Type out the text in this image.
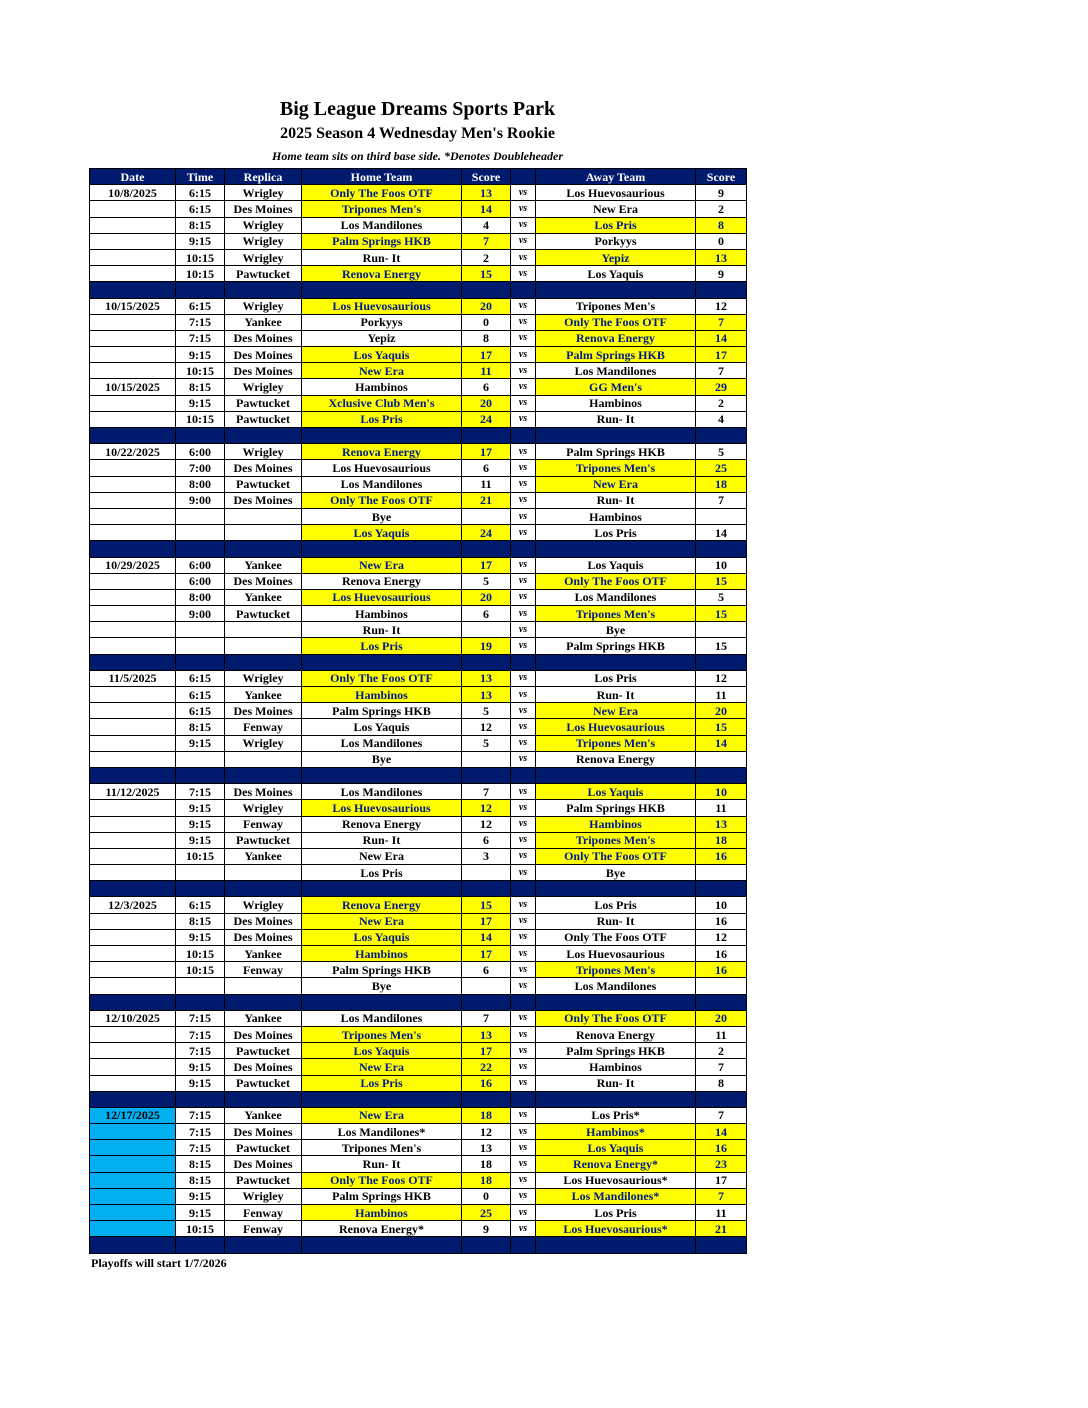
Big League Dreams Sports Park
2025 Season 4 Wednesday Men's Rookie
Home team sits on third base side. *Denotes Doubleheader
Date	Time	Replica	Home Team	Score		Away Team	Score
10/8/2025	6:15	Wrigley	Only The Foos OTF	13	vs	Los Huevosaurious	9
	6:15	Des Moines	Tripones Men's	14	vs	New Era	2
	8:15	Wrigley	Los Mandilones	4	vs	Los Pris	8
	9:15	Wrigley	Palm Springs HKB	7	vs	Porkyys	0
	10:15	Wrigley	Run- It	2	vs	Yepiz	13
	10:15	Pawtucket	Renova Energy	15	vs	Los Yaquis	9

10/15/2025	6:15	Wrigley	Los Huevosaurious	20	vs	Tripones Men's	12
	7:15	Yankee	Porkyys	0	vs	Only The Foos OTF	7
	7:15	Des Moines	Yepiz	8	vs	Renova Energy	14
	9:15	Des Moines	Los Yaquis	17	vs	Palm Springs HKB	17
	10:15	Des Moines	New Era	11	vs	Los Mandilones	7
10/15/2025	8:15	Wrigley	Hambinos	6	vs	GG Men's	29
	9:15	Pawtucket	Xclusive Club Men's	20	vs	Hambinos	2
	10:15	Pawtucket	Los Pris	24	vs	Run- It	4

10/22/2025	6:00	Wrigley	Renova Energy	17	vs	Palm Springs HKB	5
	7:00	Des Moines	Los Huevosaurious	6	vs	Tripones Men's	25
	8:00	Pawtucket	Los Mandilones	11	vs	New Era	18
	9:00	Des Moines	Only The Foos OTF	21	vs	Run- It	7
			Bye		vs	Hambinos	
			Los Yaquis	24	vs	Los Pris	14

10/29/2025	6:00	Yankee	New Era	17	vs	Los Yaquis	10
	6:00	Des Moines	Renova Energy	5	vs	Only The Foos OTF	15
	8:00	Yankee	Los Huevosaurious	20	vs	Los Mandilones	5
	9:00	Pawtucket	Hambinos	6	vs	Tripones Men's	15
			Run- It		vs	Bye	
			Los Pris	19	vs	Palm Springs HKB	15

11/5/2025	6:15	Wrigley	Only The Foos OTF	13	vs	Los Pris	12
	6:15	Yankee	Hambinos	13	vs	Run- It	11
	6:15	Des Moines	Palm Springs HKB	5	vs	New Era	20
	8:15	Fenway	Los Yaquis	12	vs	Los Huevosaurious	15
	9:15	Wrigley	Los Mandilones	5	vs	Tripones Men's	14
			Bye		vs	Renova Energy	

11/12/2025	7:15	Des Moines	Los Mandilones	7	vs	Los Yaquis	10
	9:15	Wrigley	Los Huevosaurious	12	vs	Palm Springs HKB	11
	9:15	Fenway	Renova Energy	12	vs	Hambinos	13
	9:15	Pawtucket	Run- It	6	vs	Tripones Men's	18
	10:15	Yankee	New Era	3	vs	Only The Foos OTF	16
			Los Pris		vs	Bye	

12/3/2025	6:15	Wrigley	Renova Energy	15	vs	Los Pris	10
	8:15	Des Moines	New Era	17	vs	Run- It	16
	9:15	Des Moines	Los Yaquis	14	vs	Only The Foos OTF	12
	10:15	Yankee	Hambinos	17	vs	Los Huevosaurious	16
	10:15	Fenway	Palm Springs HKB	6	vs	Tripones Men's	16
			Bye		vs	Los Mandilones	

12/10/2025	7:15	Yankee	Los Mandilones	7	vs	Only The Foos OTF	20
	7:15	Des Moines	Tripones Men's	13	vs	Renova Energy	11
	7:15	Pawtucket	Los Yaquis	17	vs	Palm Springs HKB	2
	9:15	Des Moines	New Era	22	vs	Hambinos	7
	9:15	Pawtucket	Los Pris	16	vs	Run- It	8

12/17/2025	7:15	Yankee	New Era	18	vs	Los Pris*	7
	7:15	Des Moines	Los Mandilones*	12	vs	Hambinos*	14
	7:15	Pawtucket	Tripones Men's	13	vs	Los Yaquis	16
	8:15	Des Moines	Run- It	18	vs	Renova Energy*	23
	8:15	Pawtucket	Only The Foos OTF	18	vs	Los Huevosaurious*	17
	9:15	Wrigley	Palm Springs HKB	0	vs	Los Mandilones*	7
	9:15	Fenway	Hambinos	25	vs	Los Pris	11
	10:15	Fenway	Renova Energy*	9	vs	Los Huevosaurious*	21

Playoffs will start 1/7/2026
